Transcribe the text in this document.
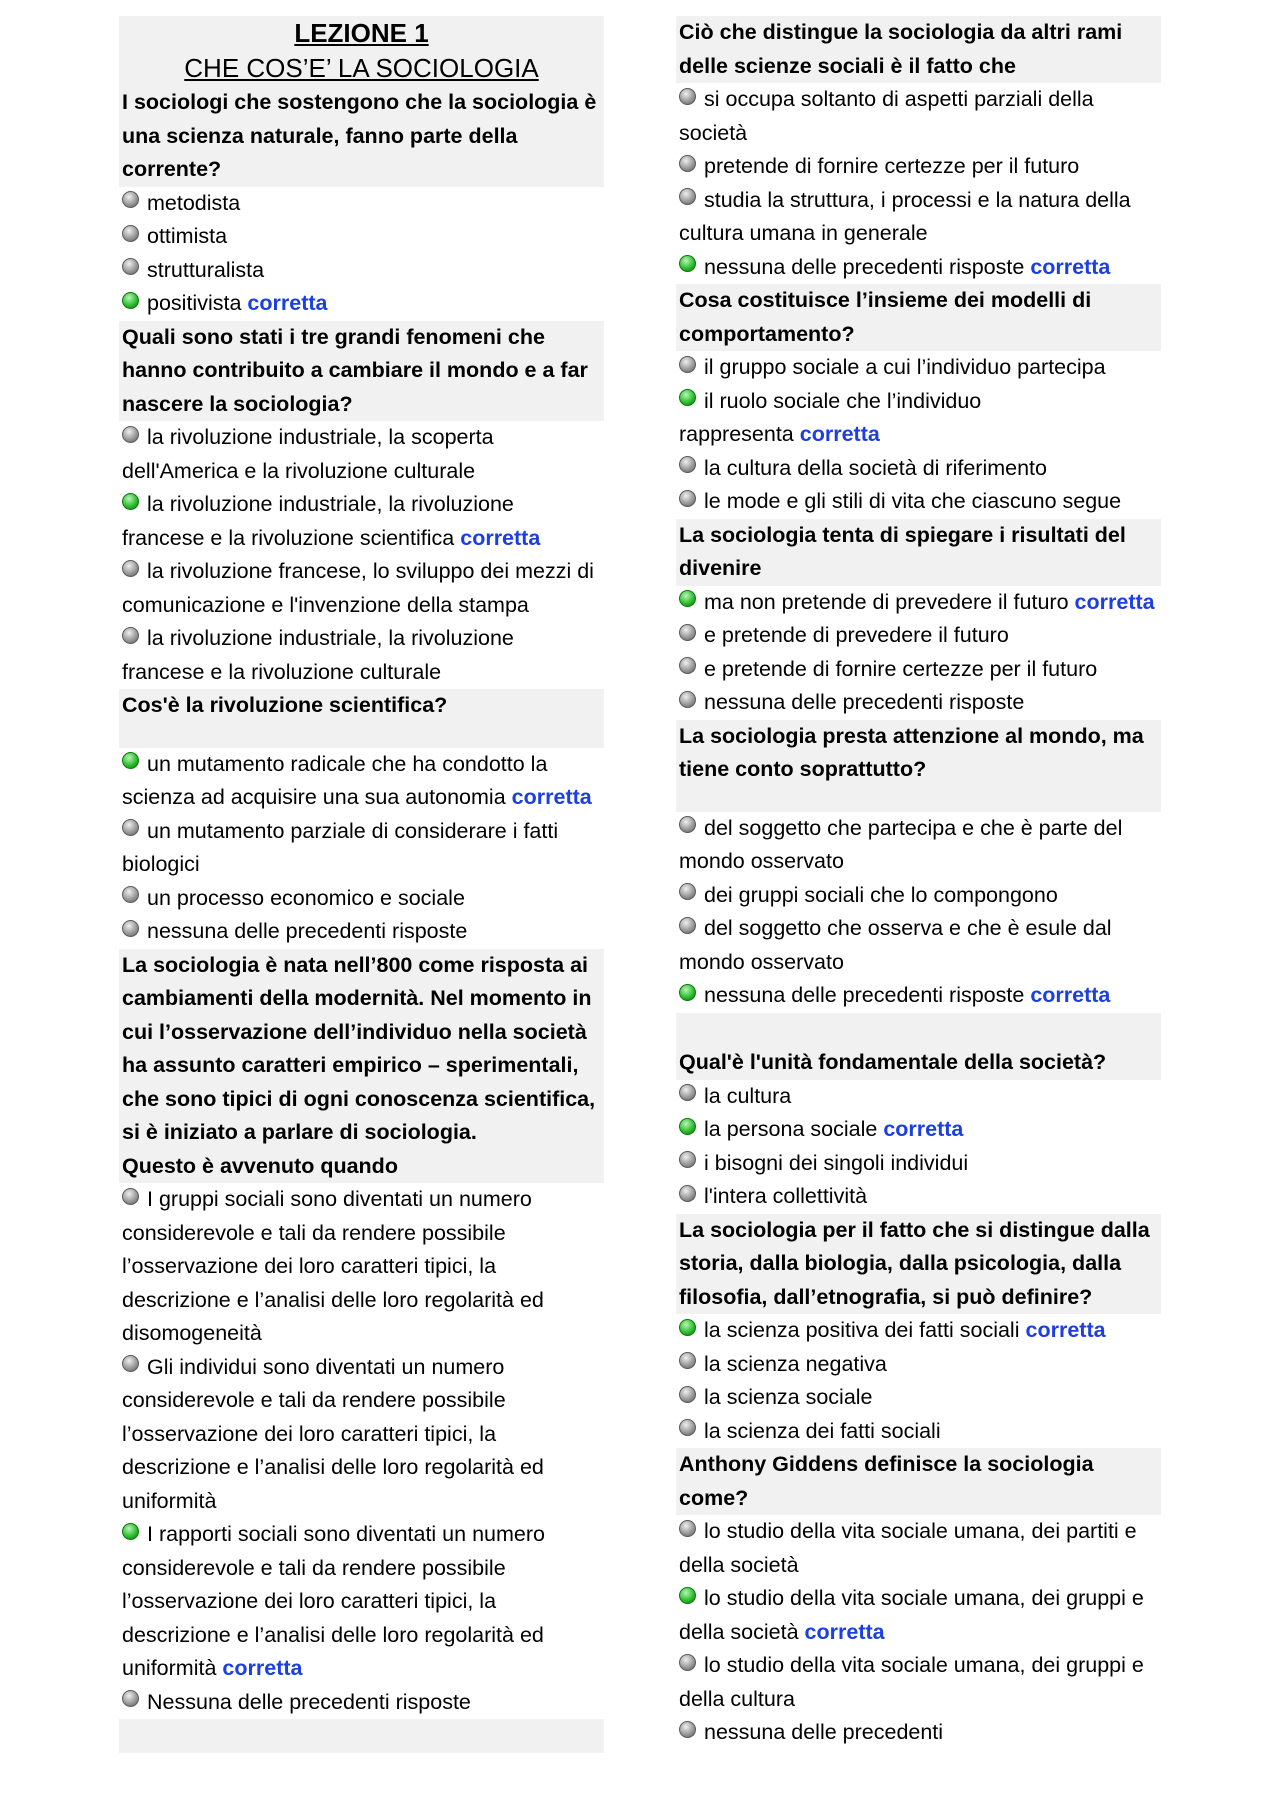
LEZIONE 1
CHE COS’E’ LA SOCIOLOGIA
I sociologi che sostengono che la sociologia è
una scienza naturale, fanno parte della
corrente?
metodista
ottimista
strutturalista
positivista corretta
Quali sono stati i tre grandi fenomeni che
hanno contribuito a cambiare il mondo e a far
nascere la sociologia?
la rivoluzione industriale, la scoperta
dell'America e la rivoluzione culturale
la rivoluzione industriale, la rivoluzione
francese e la rivoluzione scientifica corretta
la rivoluzione francese, lo sviluppo dei mezzi di
comunicazione e l'invenzione della stampa
la rivoluzione industriale, la rivoluzione
francese e la rivoluzione culturale
Cos'è la rivoluzione scientifica?
un mutamento radicale che ha condotto la
scienza ad acquisire una sua autonomia corretta
un mutamento parziale di considerare i fatti
biologici
un processo economico e sociale
nessuna delle precedenti risposte
La sociologia è nata nell’800 come risposta ai
cambiamenti della modernità. Nel momento in
cui l’osservazione dell’individuo nella società
ha assunto caratteri empirico – sperimentali,
che sono tipici di ogni conoscenza scientifica,
si è iniziato a parlare di sociologia.
Questo è avvenuto quando
I gruppi sociali sono diventati un numero
considerevole e tali da rendere possibile
l’osservazione dei loro caratteri tipici, la
descrizione e l’analisi delle loro regolarità ed
disomogeneità
Gli individui sono diventati un numero
considerevole e tali da rendere possibile
l’osservazione dei loro caratteri tipici, la
descrizione e l’analisi delle loro regolarità ed
uniformità
I rapporti sociali sono diventati un numero
considerevole e tali da rendere possibile
l’osservazione dei loro caratteri tipici, la
descrizione e l’analisi delle loro regolarità ed
uniformità corretta
Nessuna delle precedenti risposte
Ciò che distingue la sociologia da altri rami
delle scienze sociali è il fatto che
si occupa soltanto di aspetti parziali della
società
pretende di fornire certezze per il futuro
studia la struttura, i processi e la natura della
cultura umana in generale
nessuna delle precedenti risposte corretta
Cosa costituisce l’insieme dei modelli di
comportamento?
il gruppo sociale a cui l’individuo partecipa
il ruolo sociale che l’individuo
rappresenta corretta
la cultura della società di riferimento
le mode e gli stili di vita che ciascuno segue
La sociologia tenta di spiegare i risultati del
divenire
ma non pretende di prevedere il futuro corretta
e pretende di prevedere il futuro
e pretende di fornire certezze per il futuro
nessuna delle precedenti risposte
La sociologia presta attenzione al mondo, ma
tiene conto soprattutto?
del soggetto che partecipa e che è parte del
mondo osservato
dei gruppi sociali che lo compongono
del soggetto che osserva e che è esule dal
mondo osservato
nessuna delle precedenti risposte corretta
Qual'è l'unità fondamentale della società?
la cultura
la persona sociale corretta
i bisogni dei singoli individui
l'intera collettività
La sociologia per il fatto che si distingue dalla
storia, dalla biologia, dalla psicologia, dalla
filosofia, dall’etnografia, si può definire?
la scienza positiva dei fatti sociali corretta
la scienza negativa
la scienza sociale
la scienza dei fatti sociali
Anthony Giddens definisce la sociologia
come?
lo studio della vita sociale umana, dei partiti e
della società
lo studio della vita sociale umana, dei gruppi e
della società corretta
lo studio della vita sociale umana, dei gruppi e
della cultura
nessuna delle precedenti
